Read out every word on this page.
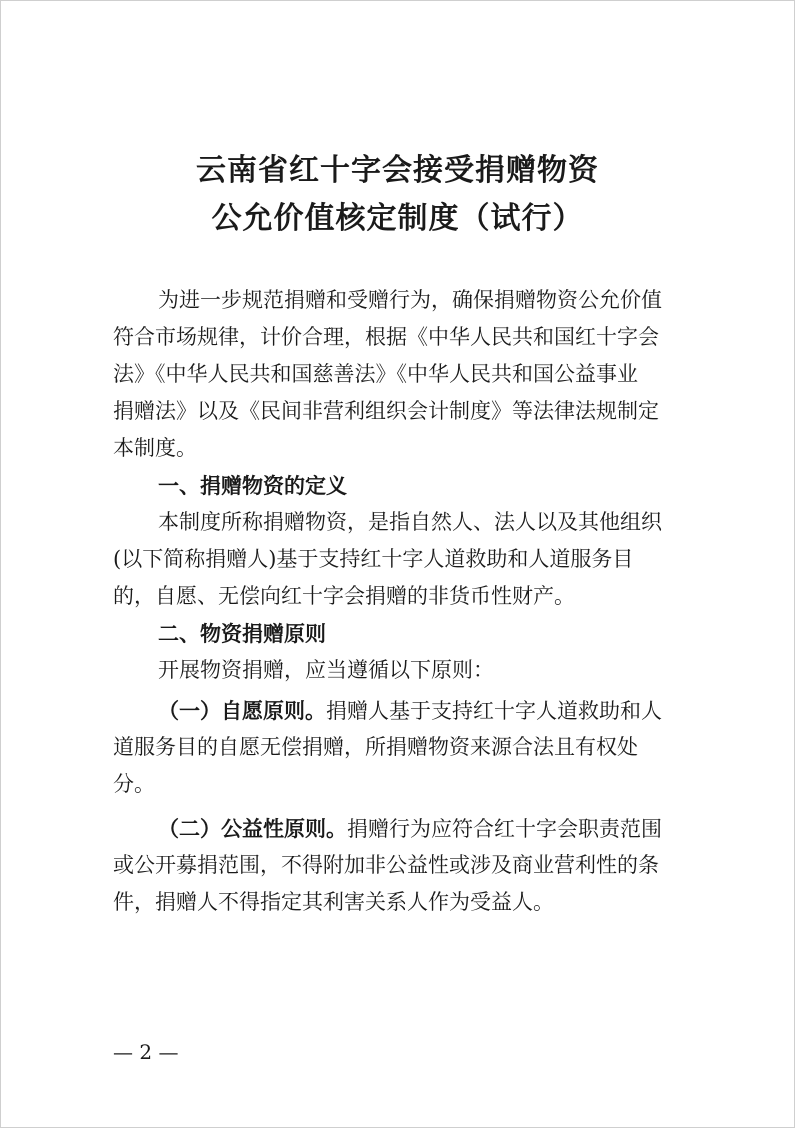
云南省红十字会接受捐赠物资
公允价值核定制度（试行）
为进一步规范捐赠和受赠行为，确保捐赠物资公允价值
符合市场规律，计价合理，根据《中华人民共和国红十字会
法》《中华人民共和国慈善法》《中华人民共和国公益事业
捐赠法》以及《民间非营利组织会计制度》等法律法规制定
本制度。
一、捐赠物资的定义
本制度所称捐赠物资，是指自然人、法人以及其他组织
(以下简称捐赠人)基于支持红十字人道救助和人道服务目
的，自愿、无偿向红十字会捐赠的非货币性财产。
二、物资捐赠原则
开展物资捐赠，应当遵循以下原则：
（一）自愿原则。捐赠人基于支持红十字人道救助和人
道服务目的自愿无偿捐赠，所捐赠物资来源合法且有权处
分。
（二）公益性原则。捐赠行为应符合红十字会职责范围
或公开募捐范围，不得附加非公益性或涉及商业营利性的条
件，捐赠人不得指定其利害关系人作为受益人。
— 2 —
